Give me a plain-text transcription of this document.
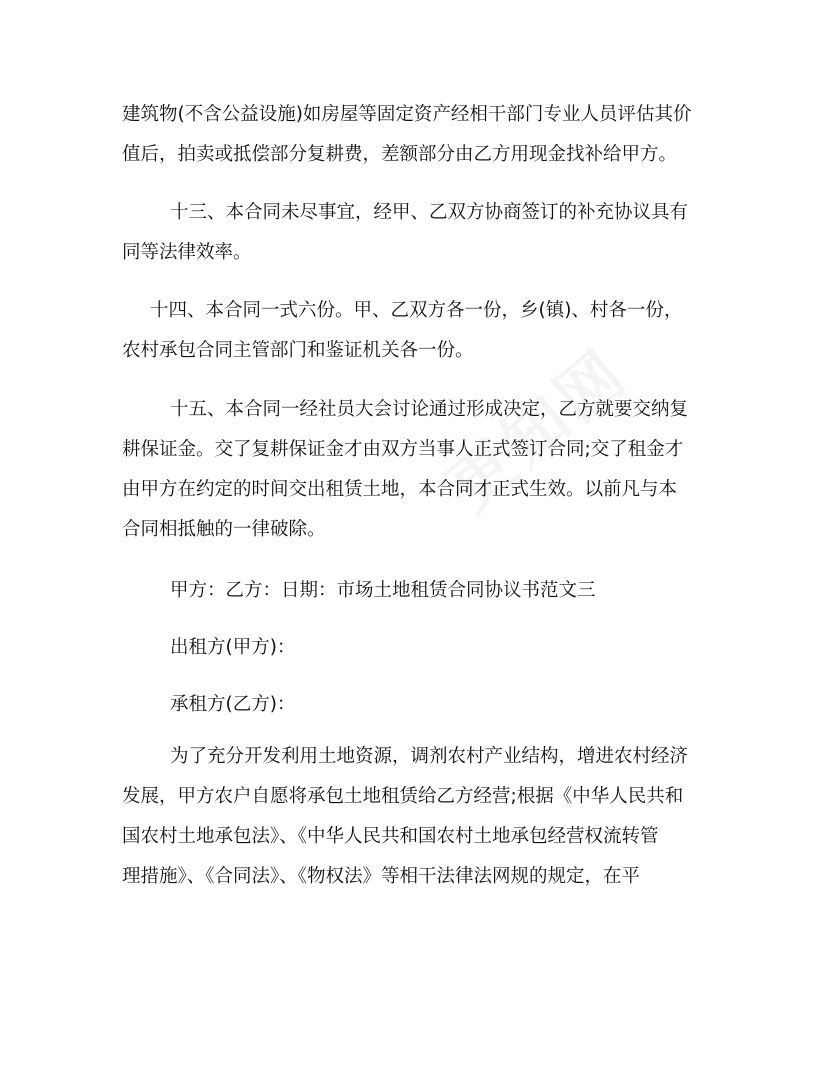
建筑物(不含公益设施)如房屋等固定资产经相干部门专业人员评估其价
值后，拍卖或抵偿部分复耕费，差额部分由乙方用现金找补给甲方。
十三、本合同未尽事宜，经甲、乙双方协商签订的补充协议具有
同等法律效率。
十四、本合同一式六份。甲、乙双方各一份，乡(镇)、村各一份，
农村承包合同主管部门和鉴证机关各一份。
十五、本合同一经社员大会讨论通过形成决定，乙方就要交纳复
耕保证金。交了复耕保证金才由双方当事人正式签订合同;交了租金才
由甲方在约定的时间交出租赁土地，本合同才正式生效。以前凡与本
合同相抵触的一律破除。
甲方：乙方：日期：市场土地租赁合同协议书范文三
出租方(甲方)：
承租方(乙方)：
为了充分开发利用土地资源，调剂农村产业结构，增进农村经济
发展，甲方农户自愿将承包土地租赁给乙方经营;根据《中华人民共和
国农村土地承包法》、《中华人民共和国农村土地承包经营权流转管
理措施》、《合同法》、《物权法》等相干法律法网规的规定，在平
